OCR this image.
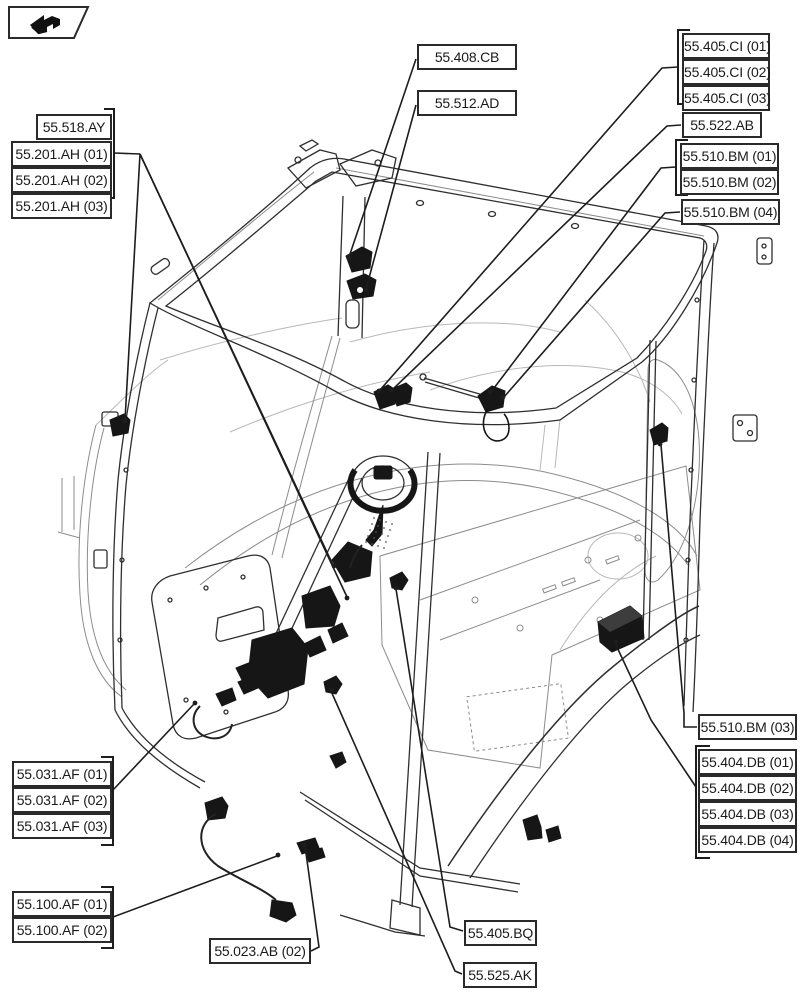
55.518.AY
55.201.AH (01)
55.201.AH (02)
55.201.AH (03)
55.408.CB
55.512.AD
55.405.CI (01)
55.405.CI (02)
55.405.CI (03)
55.522.AB
55.510.BM (01)
55.510.BM (02)
55.510.BM (04)
55.510.BM (03)
55.404.DB (01)
55.404.DB (02)
55.404.DB (03)
55.404.DB (04)
55.031.AF (01)
55.031.AF (02)
55.031.AF (03)
55.100.AF (01)
55.100.AF (02)
55.023.AB (02)
55.405.BQ
55.525.AK
